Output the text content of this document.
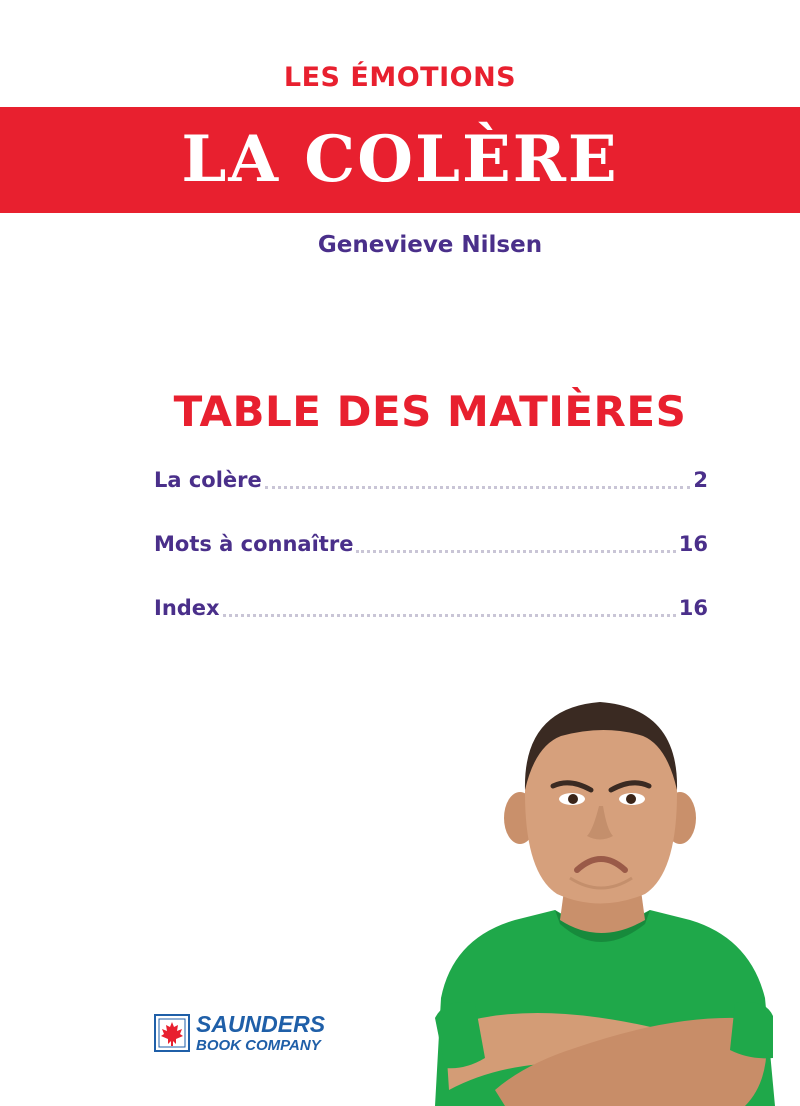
LES ÉMOTIONS
LA COLÈRE
Genevieve Nilsen
TABLE DES MATIÈRES
La colère	2
Mots à connaître	16
Index	16
SAUNDERS
BOOK COMPANY
